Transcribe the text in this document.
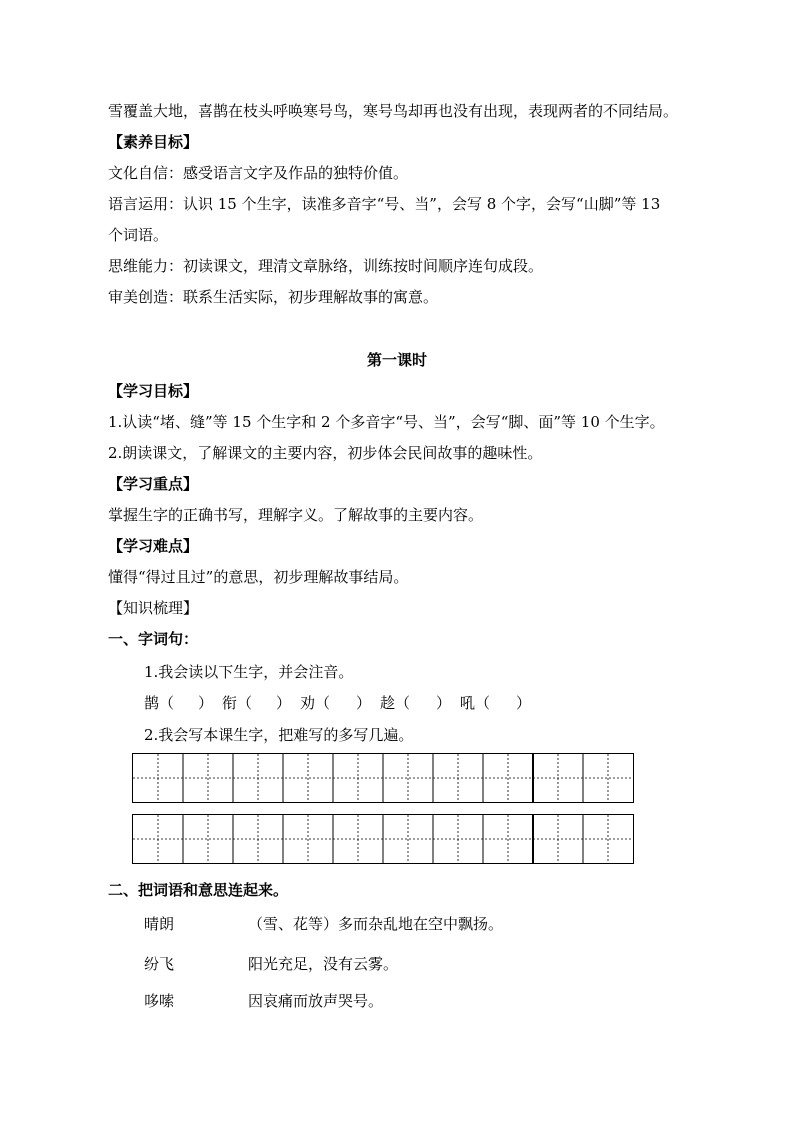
雪覆盖大地，喜鹊在枝头呼唤寒号鸟，寒号鸟却再也没有出现，表现两者的不同结局。
【素养目标】
文化自信：感受语言文字及作品的独特价值。
语言运用：认识 15 个生字，读准多音字“号、当”，会写 8 个字，会写“山脚”等 13
个词语。
思维能力：初读课文，理清文章脉络，训练按时间顺序连句成段。
审美创造：联系生活实际，初步理解故事的寓意。
第一课时
【学习目标】
1.认读“堵、缝”等 15 个生字和 2 个多音字“号、当”，会写“脚、面”等 10 个生字。
2.朗读课文，了解课文的主要内容，初步体会民间故事的趣味性。
【学习重点】
掌握生字的正确书写，理解字义。了解故事的主要内容。
【学习难点】
懂得“得过且过”的意思，初步理解故事结局。
【知识梳理】
一、字词句：
1.我会读以下生字，并会注音。
鹊（ ） 衔（ ） 劝（ ） 趁（ ） 吼（ ）
2.我会写本课生字，把难写的多写几遍。
二、把词语和意思连起来。
晴朗	（雪、花等）多而杂乱地在空中飘扬。
纷飞	阳光充足，没有云雾。
哆嗦	因哀痛而放声哭号。
